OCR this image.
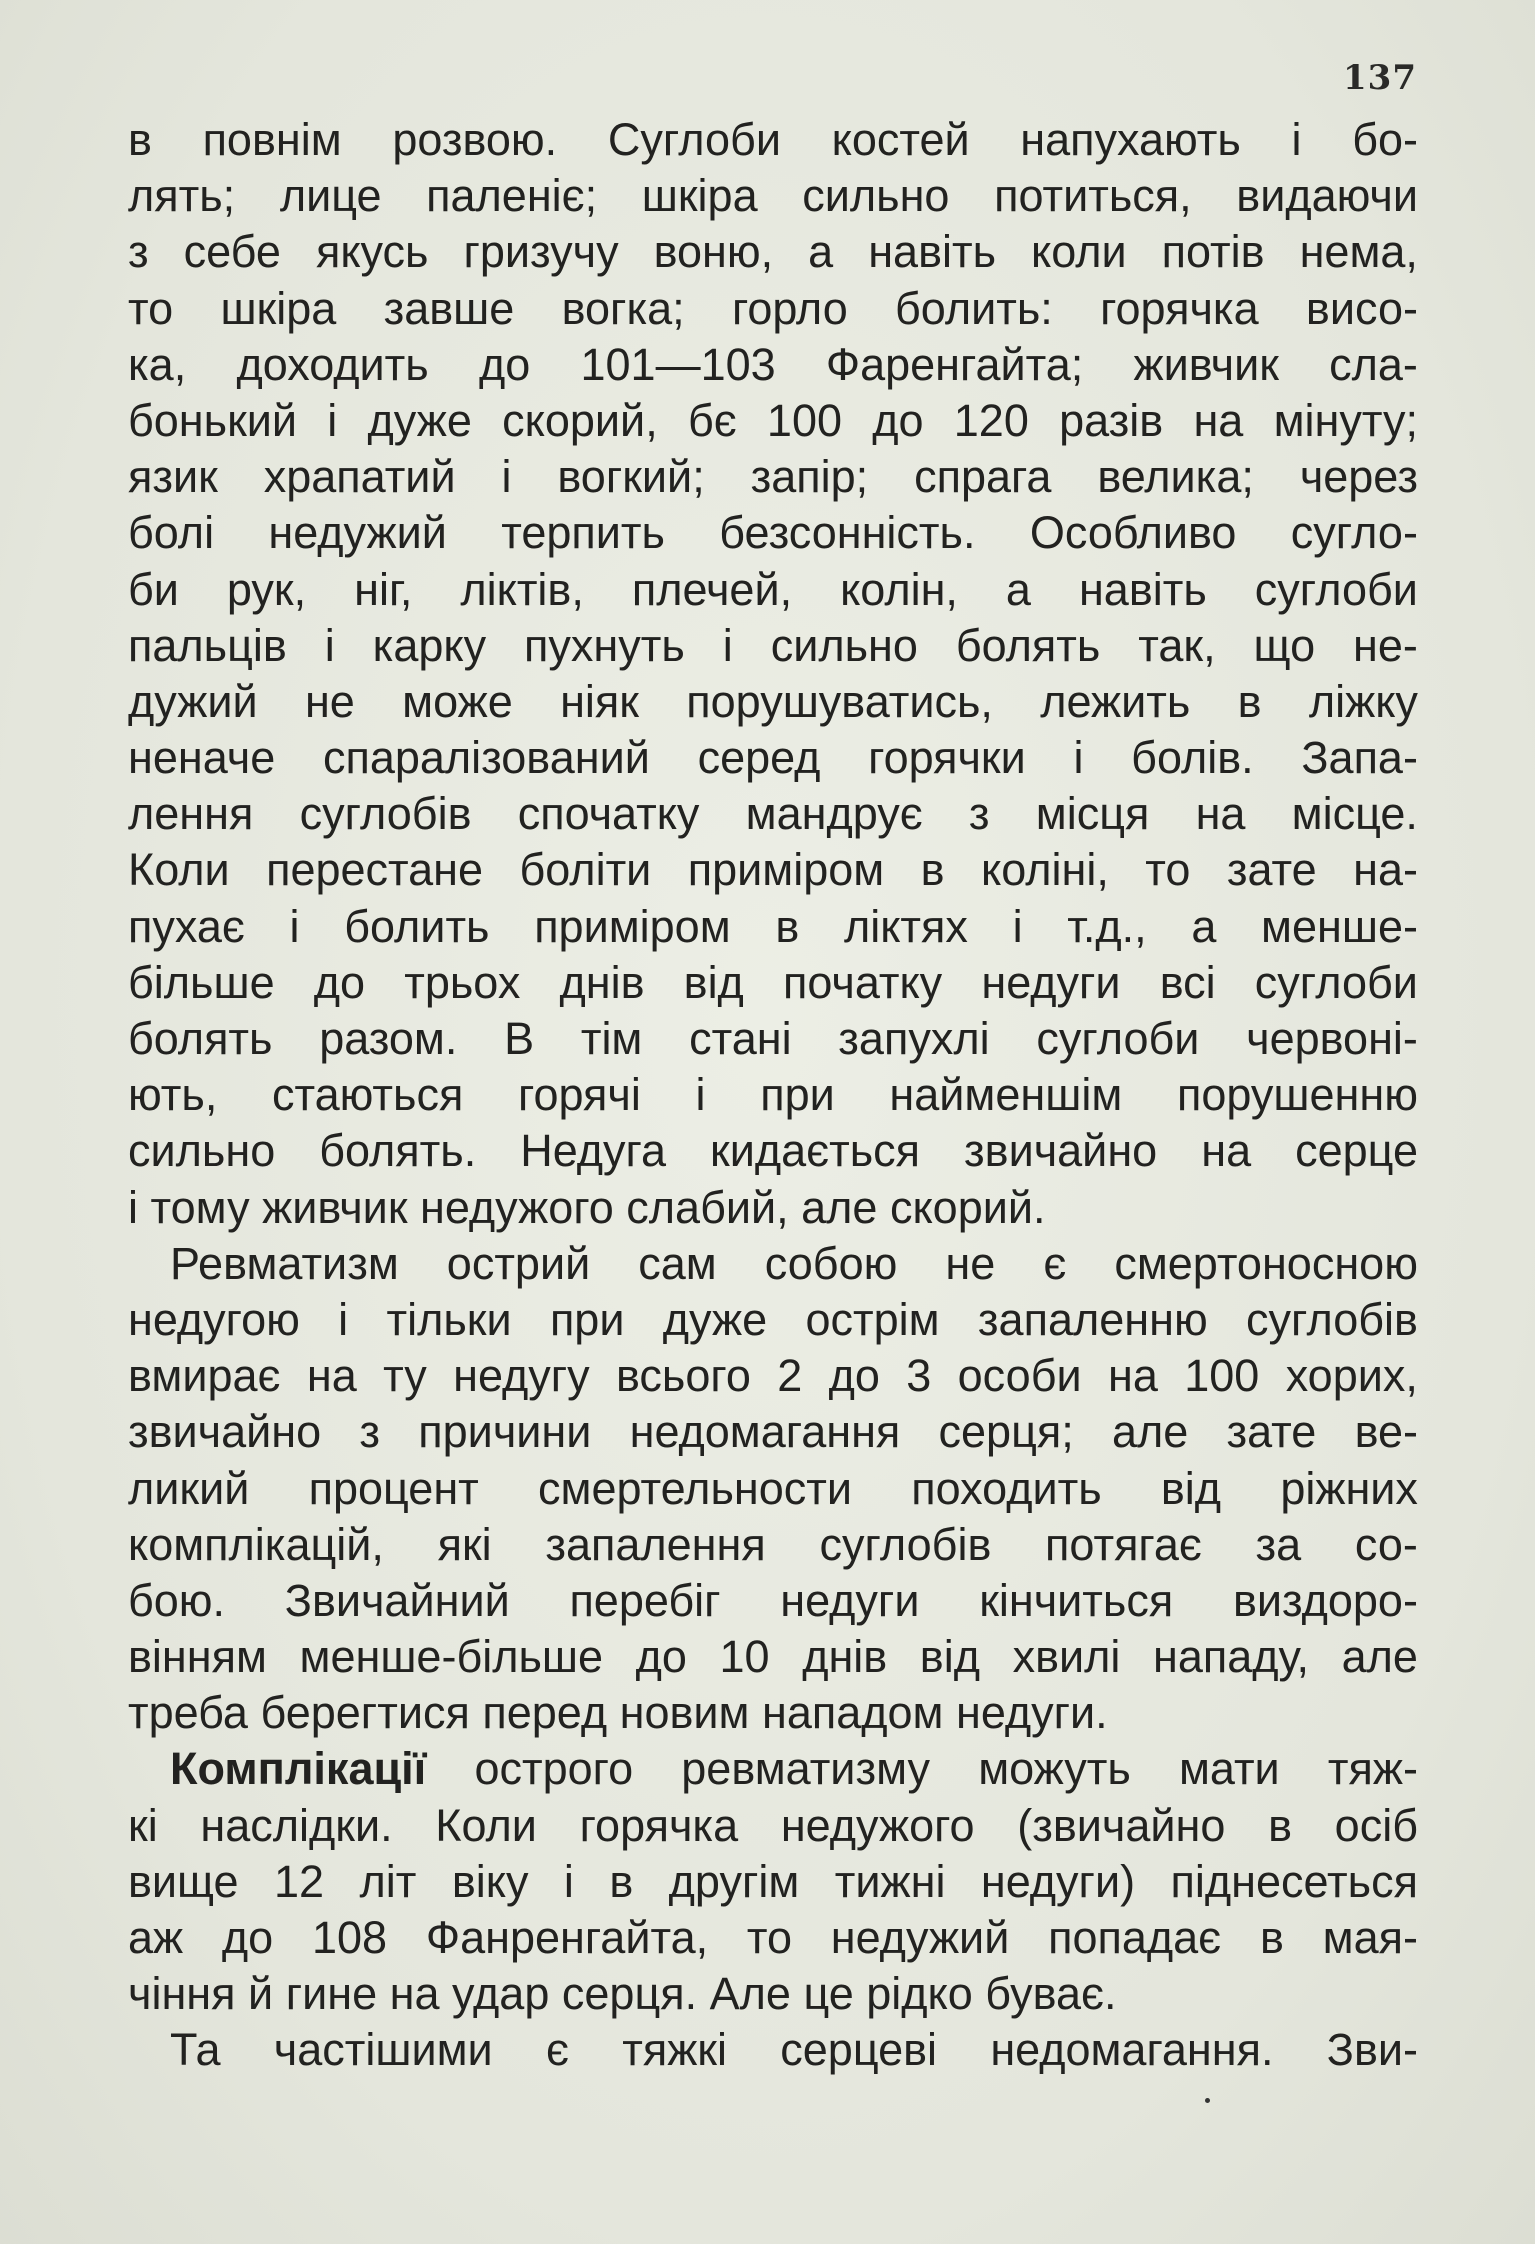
137
в повнім розвою. Суглоби костей напухають і бо-
лять; лице паленіє; шкіра сильно потиться, видаючи
з себе якусь гризучу воню, а навіть коли потів нема,
то шкіра завше вогка; горло болить: горячка висо-
ка, доходить до 101—103 Фаренгайта; живчик сла-
бонький і дуже скорий, бє 100 до 120 разів на мінуту;
язик храпатий і вогкий; запір; спрага велика; через
болі недужий терпить безсонність. Особливо сугло-
би рук, ніг, ліктів, плечей, колін, а навіть суглоби
пальців і карку пухнуть і сильно болять так, що не-
дужий не може ніяк порушуватись, лежить в ліжку
неначе спаралізований серед горячки і болів. Запа-
лення суглобів спочатку мандрує з місця на місце.
Коли перестане боліти приміром в коліні, то зате на-
пухає і болить приміром в ліктях і т.д., а менше-
більше до трьох днів від початку недуги всі суглоби
болять разом. В тім стані запухлі суглоби червоні-
ють, стаються горячі і при найменшім порушенню
сильно болять. Недуга кидається звичайно на серце
і
тому
живчик
недужого
слабий,
але
скорий.
Ревматизм острий сам собою не є смертоносною
недугою і тільки при дуже острім запаленню суглобів
вмирає на ту недугу всього 2 до 3 особи на 100 хорих,
звичайно з причини недомагання серця; але зате ве-
ликий процент смертельности походить від ріжних
комплікацій, які запалення суглобів потягає за со-
бою. Звичайний перебіг недуги кінчиться виздоро-
вінням менше-більше до 10 днів від хвилі нападу, але
треба
берегтися
перед
новим
нападом
недуги.
Комплікації острого ревматизму можуть мати тяж-
кі наслідки. Коли горячка недужого (звичайно в осіб
вище 12 літ віку і в другім тижні недуги) піднесеться
аж до 108 Фанренгайта, то недужий попадає в мая-
чіння
й
гине
на
удар
серця.
Але
це
рідко
буває.
Та частішими є тяжкі серцеві недомагання. Зви-
